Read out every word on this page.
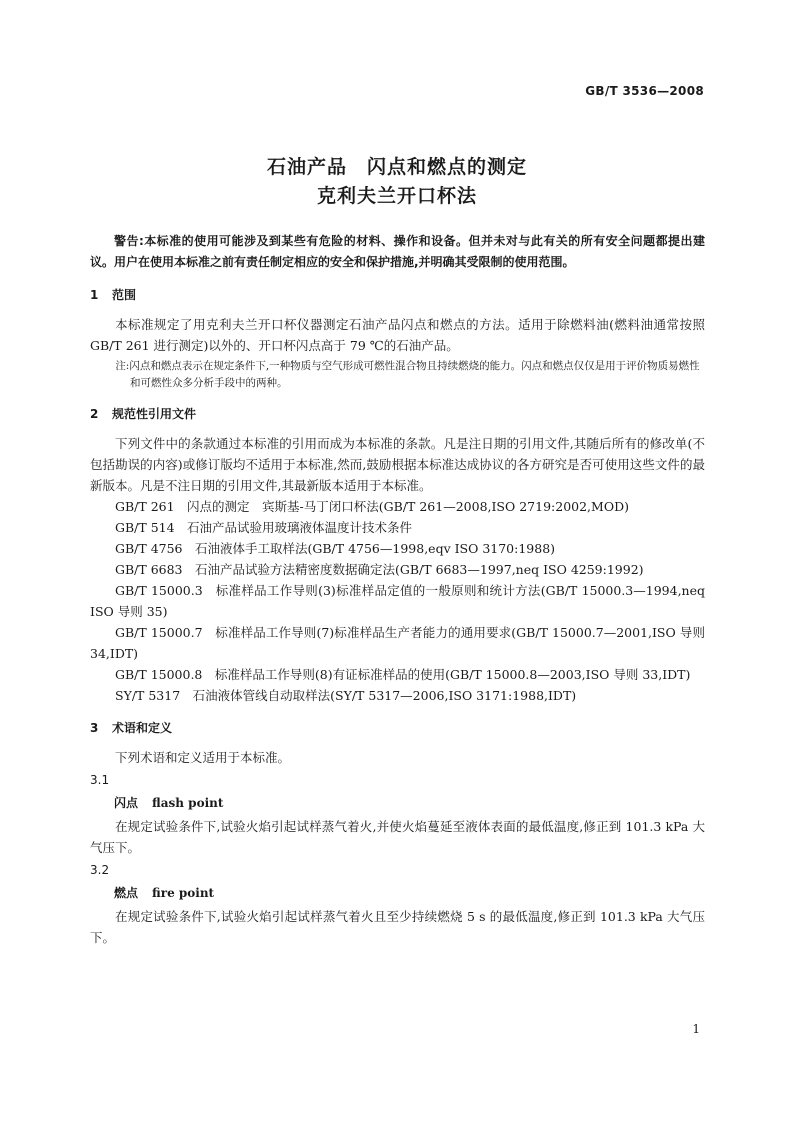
GB/T 3536—2008
石油产品　闪点和燃点的测定
克利夫兰开口杯法

警告:本标准的使用可能涉及到某些有危险的材料、操作和设备。但并未对与此有关的所有安全问题都提出建议。用户在使用本标准之前有责任制定相应的安全和保护措施,并明确其受限制的使用范围。

1 范围

本标准规定了用克利夫兰开口杯仪器测定石油产品闪点和燃点的方法。适用于除燃料油(燃料油通常按照 GB/T 261 进行测定)以外的、开口杯闪点高于 79 ℃的石油产品。

注:闪点和燃点表示在规定条件下,一种物质与空气形成可燃性混合物且持续燃烧的能力。闪点和燃点仅仅是用于评价物质易燃性和可燃性众多分析手段中的两种。

2 规范性引用文件

下列文件中的条款通过本标准的引用而成为本标准的条款。凡是注日期的引用文件,其随后所有的修改单(不包括勘误的内容)或修订版均不适用于本标准,然而,鼓励根据本标准达成协议的各方研究是否可使用这些文件的最新版本。凡是不注日期的引用文件,其最新版本适用于本标准。

GB/T 261　闪点的测定　宾斯基-马丁闭口杯法(GB/T 261—2008,ISO 2719:2002,MOD)

GB/T 514　石油产品试验用玻璃液体温度计技术条件

GB/T 4756　石油液体手工取样法(GB/T 4756—1998,eqv ISO 3170:1988)

GB/T 6683　石油产品试验方法精密度数据确定法(GB/T 6683—1997,neq ISO 4259:1992)

GB/T 15000.3　标准样品工作导则(3)标准样品定值的一般原则和统计方法(GB/T 15000.3—1994,neq ISO 导则 35)

GB/T 15000.7　标准样品工作导则(7)标准样品生产者能力的通用要求(GB/T 15000.7—2001,ISO 导则 34,IDT)

GB/T 15000.8　标准样品工作导则(8)有证标准样品的使用(GB/T 15000.8—2003,ISO 导则 33,IDT)

SY/T 5317　石油液体管线自动取样法(SY/T 5317—2006,ISO 3171:1988,IDT)

3 术语和定义

下列术语和定义适用于本标准。

3.1
闪点 flash point

在规定试验条件下,试验火焰引起试样蒸气着火,并使火焰蔓延至液体表面的最低温度,修正到 101.3 kPa 大气压下。

3.2
燃点 fire point

在规定试验条件下,试验火焰引起试样蒸气着火且至少持续燃烧 5 s 的最低温度,修正到 101.3 kPa 大气压下。

1
